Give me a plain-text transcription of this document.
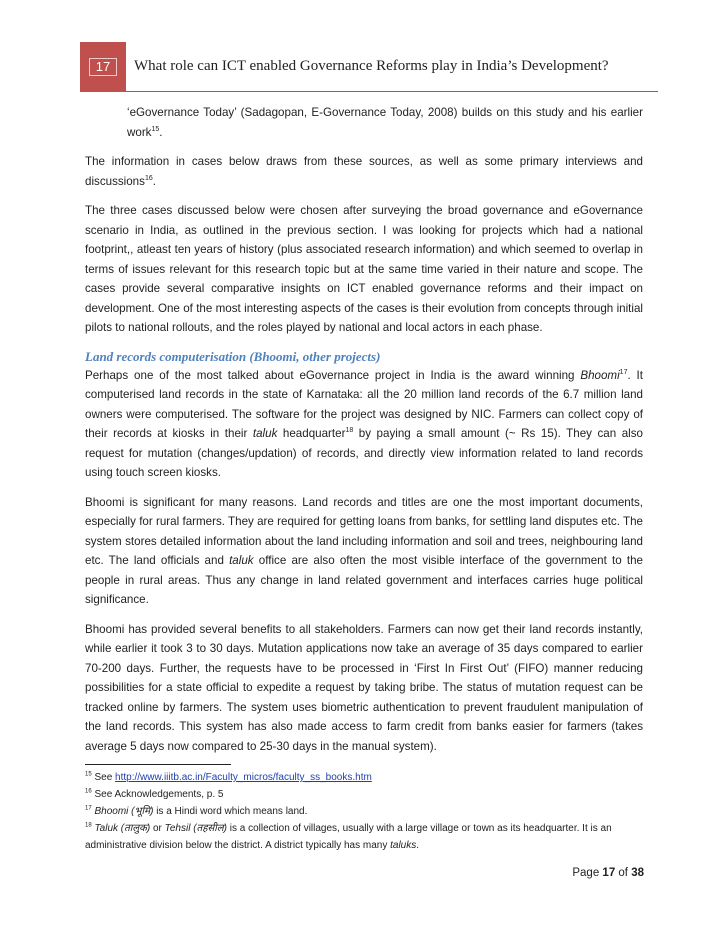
17	What role can ICT enabled Governance Reforms play in India’s Development?

‘eGovernance Today’ (Sadagopan, E-Governance Today, 2008) builds on this study and his earlier work$^{15}$.

The information in cases below draws from these sources, as well as some primary interviews and discussions$^{16}$.

The three cases discussed below were chosen after surveying the broad governance and eGovernance scenario in India, as outlined in the previous section. I was looking for projects which had a national footprint,, atleast ten years of history (plus associated research information) and which seemed to overlap in terms of issues relevant for this research topic but at the same time varied in their nature and scope. The cases provide several comparative insights on ICT enabled governance reforms and their impact on development. One of the most interesting aspects of the cases is their evolution from concepts through initial pilots to national rollouts, and the roles played by national and local actors in each phase.

Land records computerisation (Bhoomi, other projects)

Perhaps one of the most talked about eGovernance project in India is the award winning Bhoomi$^{17}$. It computerised land records in the state of Karnataka: all the 20 million land records of the 6.7 million land owners were computerised. The software for the project was designed by NIC. Farmers can collect copy of their records at kiosks in their taluk headquarter$^{18}$ by paying a small amount (~ Rs 15). They can also request for mutation (changes/updation) of records, and directly view information related to land records using touch screen kiosks.

Bhoomi is significant for many reasons. Land records and titles are one the most important documents, especially for rural farmers. They are required for getting loans from banks, for settling land disputes etc. The system stores detailed information about the land including information and soil and trees, neighbouring land etc. The land officials and taluk office are also often the most visible interface of the government to the people in rural areas. Thus any change in land related government and interfaces carries huge political significance.

Bhoomi has provided several benefits to all stakeholders. Farmers can now get their land records instantly, while earlier it took 3 to 30 days. Mutation applications now take an average of 35 days compared to earlier 70-200 days. Further, the requests have to be processed in ‘First In First Out’ (FIFO) manner reducing possibilities for a state official to expedite a request by taking bribe. The status of mutation request can be tracked online by farmers. The system uses biometric authentication to prevent fraudulent manipulation of the land records. This system has also made access to farm credit from banks easier for farmers (takes average 5 days now compared to 25-30 days in the manual system).

$^{15}$ See http://www.iiitb.ac.in/Faculty_micros/faculty_ss_books.htm
$^{16}$ See Acknowledgements, p. 5
$^{17}$ Bhoomi (भूमि) is a Hindi word which means land.
$^{18}$ Taluk (तालुक) or Tehsil (तहसील) is a collection of villages, usually with a large village or town as its headquarter. It is an administrative division below the district. A district typically has many taluks.
Page 17 of 38
